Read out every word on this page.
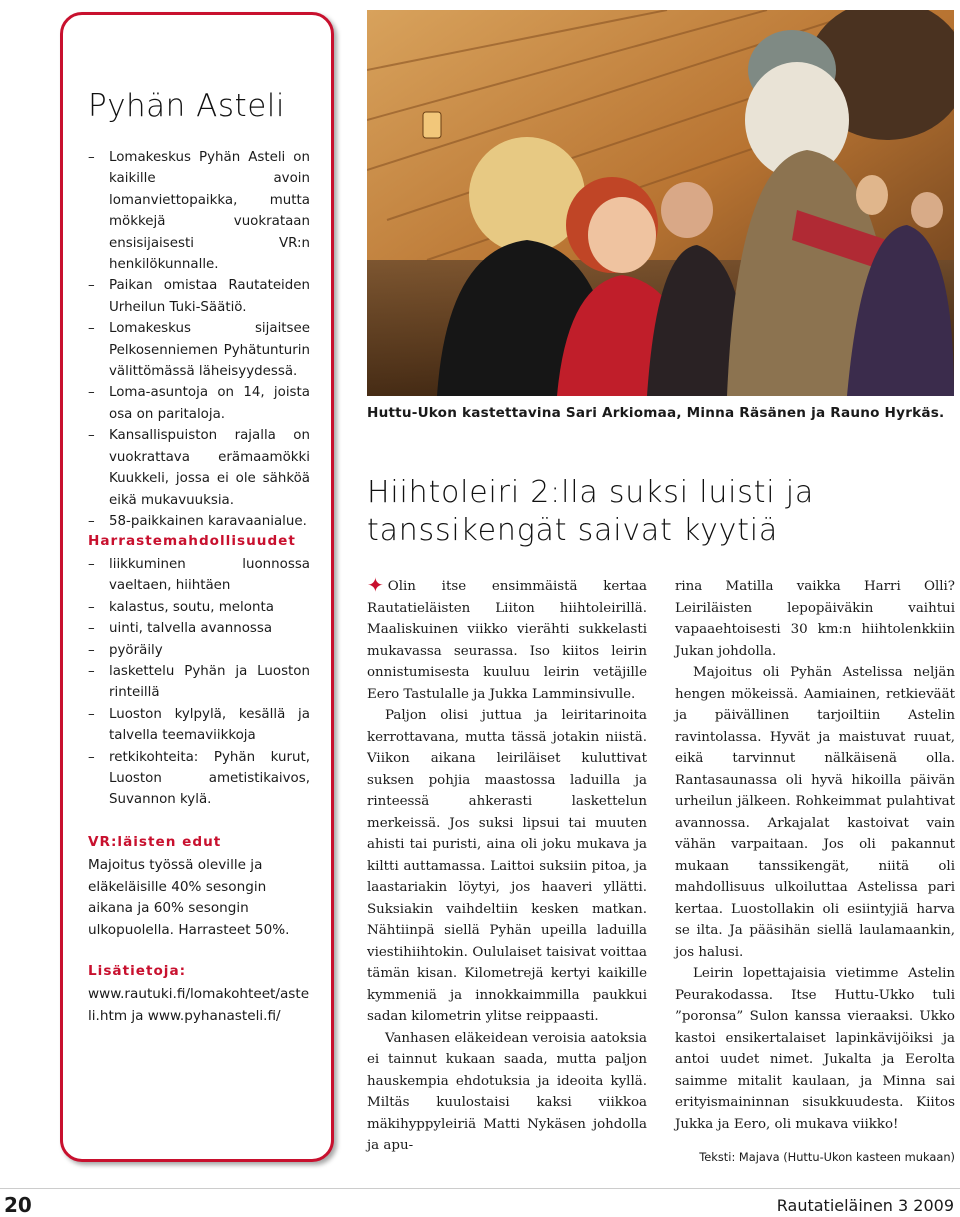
Pyhän Asteli
– Lomakeskus Pyhän Asteli on kaikille avoin lomanviettopaikka, mutta mökkejä vuokrataan ensisijaisesti VR:n henkilökunnalle.
– Paikan omistaa Rautateiden Urheilun Tuki-Säätiö.
– Lomakeskus sijaitsee Pelkosenniemen Pyhätunturin välittömässä läheisyydessä.
– Loma-asuntoja on 14, joista osa on paritaloja.
– Kansallispuiston rajalla on vuokrattava erämaamökki Kuukkeli, jossa ei ole sähköä eikä mukavuuksia.
– 58-paikkainen karavaanialue.
Harrastemahdollisuudet
– liikkuminen luonnossa vaeltaen, hiihtäen
– kalastus, soutu, melonta
– uinti, talvella avannossa
– pyöräily
– laskettelu Pyhän ja Luoston rinteillä
– Luoston kylpylä, kesällä ja talvella teemaviikkoja
– retkikohteita: Pyhän kurut, Luoston ametistikaivos, Suvannon kylä.
VR:läisten edut
Majoitus työssä oleville ja eläkeläisille 40% sesongin aikana ja 60% sesongin ulkopuolella. Harrasteet 50%.
Lisätietoja:
www.rautuki.fi/lomakohteet/asteli.htm ja www.pyhanasteli.fi/
Huttu-Ukon kastettavina Sari Arkiomaa, Minna Räsänen ja Rauno Hyrkäs.
Hiihtoleiri 2:lla suksi luisti ja
tanssikengät saivat kyytiä

✦ Olin itse ensimmäistä kertaa Rautatieläisten Liiton hiihtoleirillä. Maaliskuinen viikko vierähti sukkelasti mukavassa seurassa. Iso kiitos leirin onnistumisesta kuuluu leirin vetäjille Eero Tastulalle ja Jukka Lamminsivulle.

Paljon olisi juttua ja leiritarinoita kerrottavana, mutta tässä jotakin niistä. Viikon aikana leiriläiset kuluttivat suksen pohjia maastossa laduilla ja rinteessä ahkerasti laskettelun merkeissä. Jos suksi lipsui tai muuten ahisti tai puristi, aina oli joku mukava ja kiltti auttamassa. Laittoi suksiin pitoa, ja laastariakin löytyi, jos haaveri yllätti. Suksiakin vaihdeltiin kesken matkan. Nähtiinpä siellä Pyhän upeilla laduilla viestihiihtokin. Oululaiset taisivat voittaa tämän kisan. Kilometrejä kertyi kaikille kymmeniä ja innokkaimmilla paukkui sadan kilometrin ylitse reippaasti.

Vanhasen eläkeidean veroisia aatoksia ei tainnut kukaan saada, mutta paljon hauskempia ehdotuksia ja ideoita kyllä. Miltäs kuulostaisi kaksi viikkoa mäkihyppyleiriä Matti Nykäsen johdolla ja apu-

rina Matilla vaikka Harri Olli? Leiriläisten lepopäiväkin vaihtui vapaaehtoisesti 30 km:n hiihtolenkkiin Jukan johdolla.

Majoitus oli Pyhän Astelissa neljän hengen mökeissä. Aamiainen, retkieväät ja päivällinen tarjoiltiin Astelin ravintolassa. Hyvät ja maistuvat ruuat, eikä tarvinnut nälkäisenä olla. Rantasaunassa oli hyvä hikoilla päivän urheilun jälkeen. Rohkeimmat pulahtivat avannossa. Arkajalat kastoivat vain vähän varpaitaan. Jos oli pakannut mukaan tanssikengät, niitä oli mahdollisuus ulkoiluttaa Astelissa pari kertaa. Luostollakin oli esiintyjiä harva se ilta. Ja pääsihän siellä laulamaankin, jos halusi.

Leirin lopettajaisia vietimme Astelin Peurakodassa. Itse Huttu-Ukko tuli ”poronsa” Sulon kanssa vieraaksi. Ukko kastoi ensikertalaiset lapinkävijöiksi ja antoi uudet nimet. Jukalta ja Eerolta saimme mitalit kaulaan, ja Minna sai erityismaininnan sisukkuudesta. Kiitos Jukka ja Eero, oli mukava viikko!

Teksti: Majava (Huttu-Ukon kasteen mukaan)
20	Rautatieläinen 3 2009
